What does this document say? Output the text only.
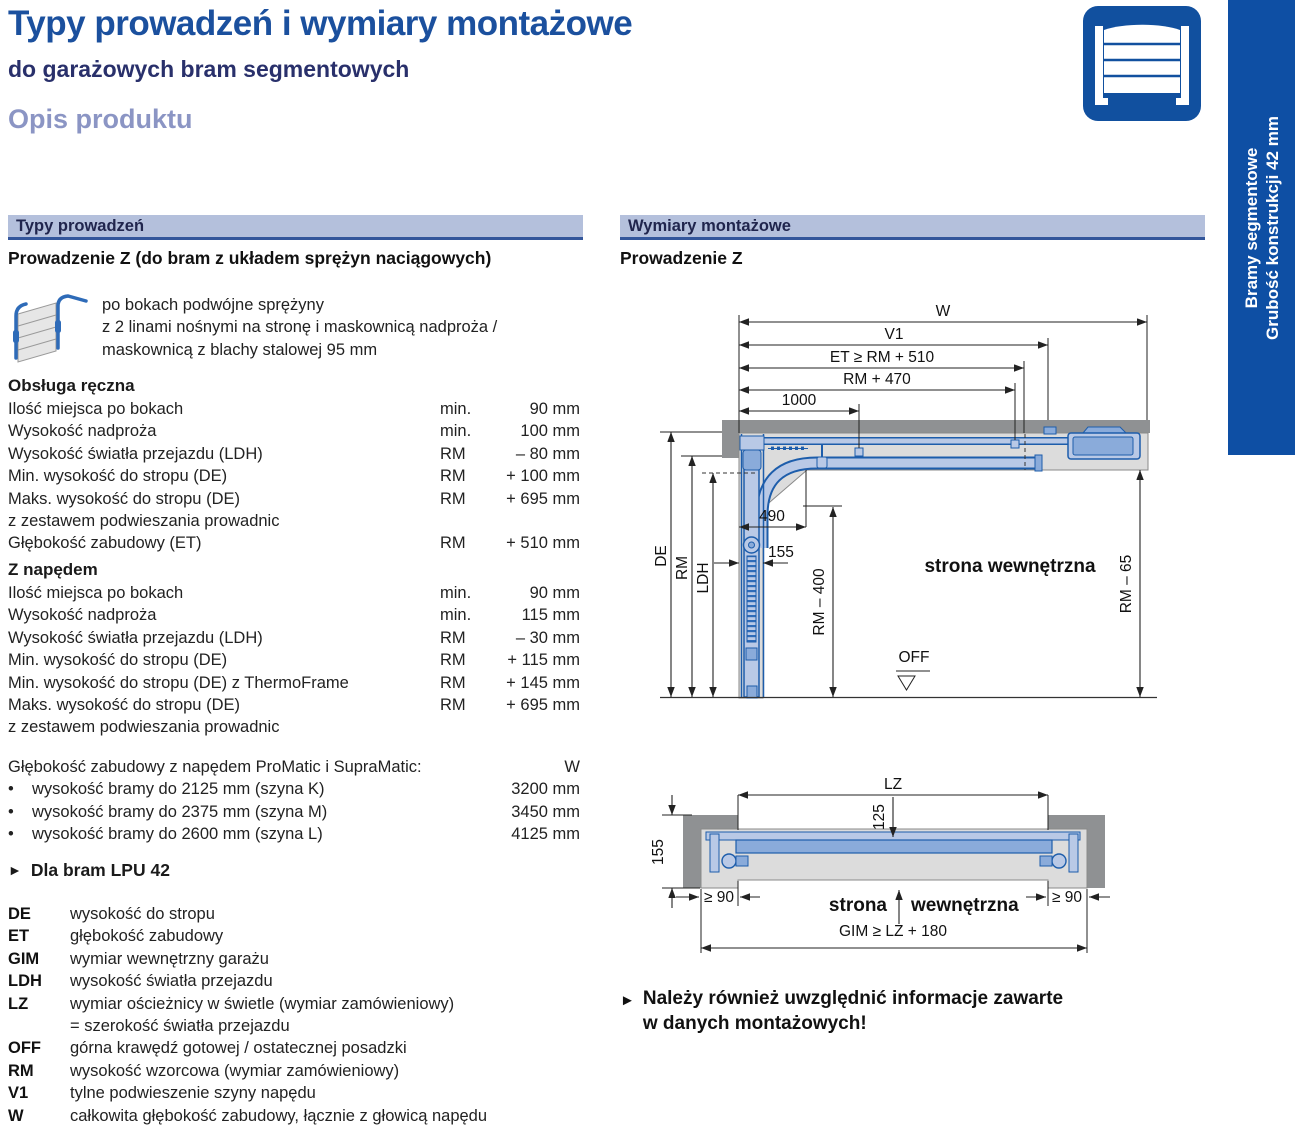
Typy prowadzeń i wymiary montażowe
do garażowych bram segmentowych
Opis produktu
Bramy segmentowe Grubość konstrukcji 42 mm
Typy prowadzeń
Prowadzenie Z (do bram z układem sprężyn naciągowych)
po bokach podwójne sprężyny
z 2 linami nośnymi na stronę i maskownicą nadproża /
maskownicą z blachy stalowej 95 mm
Obsługa ręczna
Ilość miejsca po bokach	min.	90 mm
Wysokość nadproża	min.	100 mm
Wysokość światła przejazdu (LDH)	RM	– 80 mm
Min. wysokość do stropu (DE)	RM	+ 100 mm
Maks. wysokość do stropu (DE)	RM	+ 695 mm
z zestawem podwieszania prowadnic
Głębokość zabudowy (ET)	RM	+ 510 mm
Z napędem
Ilość miejsca po bokach	min.	90 mm
Wysokość nadproża	min.	115 mm
Wysokość światła przejazdu (LDH)	RM	– 30 mm
Min. wysokość do stropu (DE)	RM	+ 115 mm
Min. wysokość do stropu (DE) z ThermoFrame	RM	+ 145 mm
Maks. wysokość do stropu (DE)	RM	+ 695 mm
z zestawem podwieszania prowadnic
Głębokość zabudowy z napędem ProMatic i SupraMatic:	W
•	wysokość bramy do 2125 mm (szyna K)	3200 mm
•	wysokość bramy do 2375 mm (szyna M)	3450 mm
•	wysokość bramy do 2600 mm (szyna L)	4125 mm
► Dla bram LPU 42
DE	wysokość do stropu
ET	głębokość zabudowy
GIM	wymiar wewnętrzny garażu
LDH	wysokość światła przejazdu
LZ	wymiar ościeżnicy w świetle (wymiar zamówieniowy)
= szerokość światła przejazdu
OFF	górna krawędź gotowej / ostatecznej posadzki
RM	wysokość wzorcowa (wymiar zamówieniowy)
V1	tylne podwieszenie szyny napędu
W	całkowita głębokość zabudowy, łącznie z głowicą napędu
Wymiary montażowe
Prowadzenie Z
W
V1
ET ≥ RM + 510
RM + 470
1000
DE RM LDH
490
155
RM – 400	RM – 65
OFF
strona wewnętrzna
LZ
125
155
≥ 90	≥ 90
strona wewnętrzna
GIM ≥ LZ + 180
► Należy również uwzględnić informacje zawarte
w danych montażowych!
